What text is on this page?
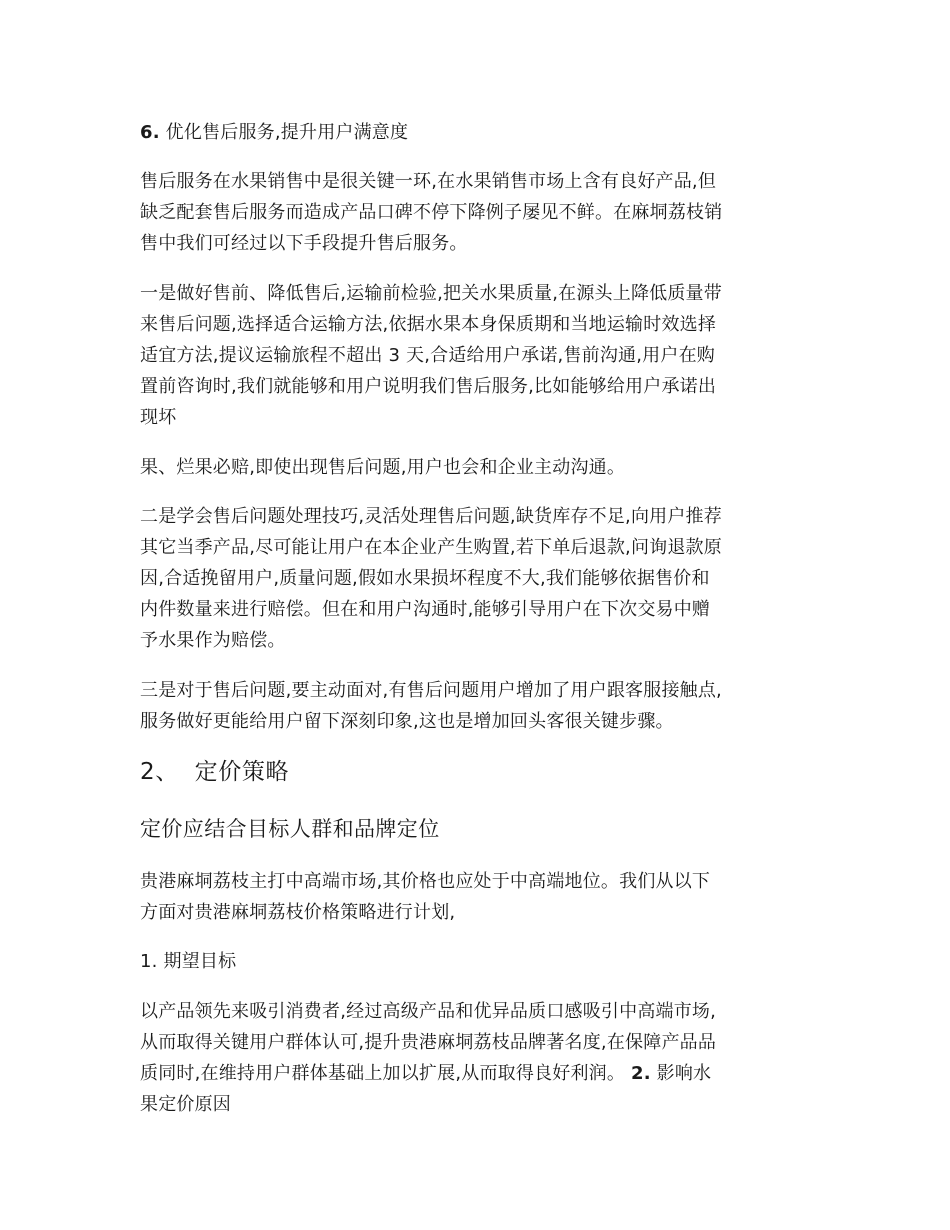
6. 优化售后服务,提升用户满意度

售后服务在水果销售中是很关键一环,在水果销售市场上含有良好产品,但
缺乏配套售后服务而造成产品口碑不停下降例子屡见不鲜。在麻垌荔枝销
售中我们可经过以下手段提升售后服务。

一是做好售前、降低售后,运输前检验,把关水果质量,在源头上降低质量带
来售后问题,选择适合运输方法,依据水果本身保质期和当地运输时效选择
适宜方法,提议运输旅程不超出 3 天,合适给用户承诺,售前沟通,用户在购
置前咨询时,我们就能够和用户说明我们售后服务,比如能够给用户承诺出
现坏

果、烂果必赔,即使出现售后问题,用户也会和企业主动沟通。

二是学会售后问题处理技巧,灵活处理售后问题,缺货库存不足,向用户推荐
其它当季产品,尽可能让用户在本企业产生购置,若下单后退款,问询退款原
因,合适挽留用户,质量问题,假如水果损坏程度不大,我们能够依据售价和
内件数量来进行赔偿。但在和用户沟通时,能够引导用户在下次交易中赠
予水果作为赔偿。

三是对于售后问题,要主动面对,有售后问题用户增加了用户跟客服接触点,
服务做好更能给用户留下深刻印象,这也是增加回头客很关键步骤。

2、  定价策略

定价应结合目标人群和品牌定位

贵港麻垌荔枝主打中高端市场,其价格也应处于中高端地位。我们从以下
方面对贵港麻垌荔枝价格策略进行计划,

1. 期望目标

以产品领先来吸引消费者,经过高级产品和优异品质口感吸引中高端市场,
从而取得关键用户群体认可,提升贵港麻垌荔枝品牌著名度,在保障产品品
质同时,在维持用户群体基础上加以扩展,从而取得良好利润。 2. 影响水
果定价原因
